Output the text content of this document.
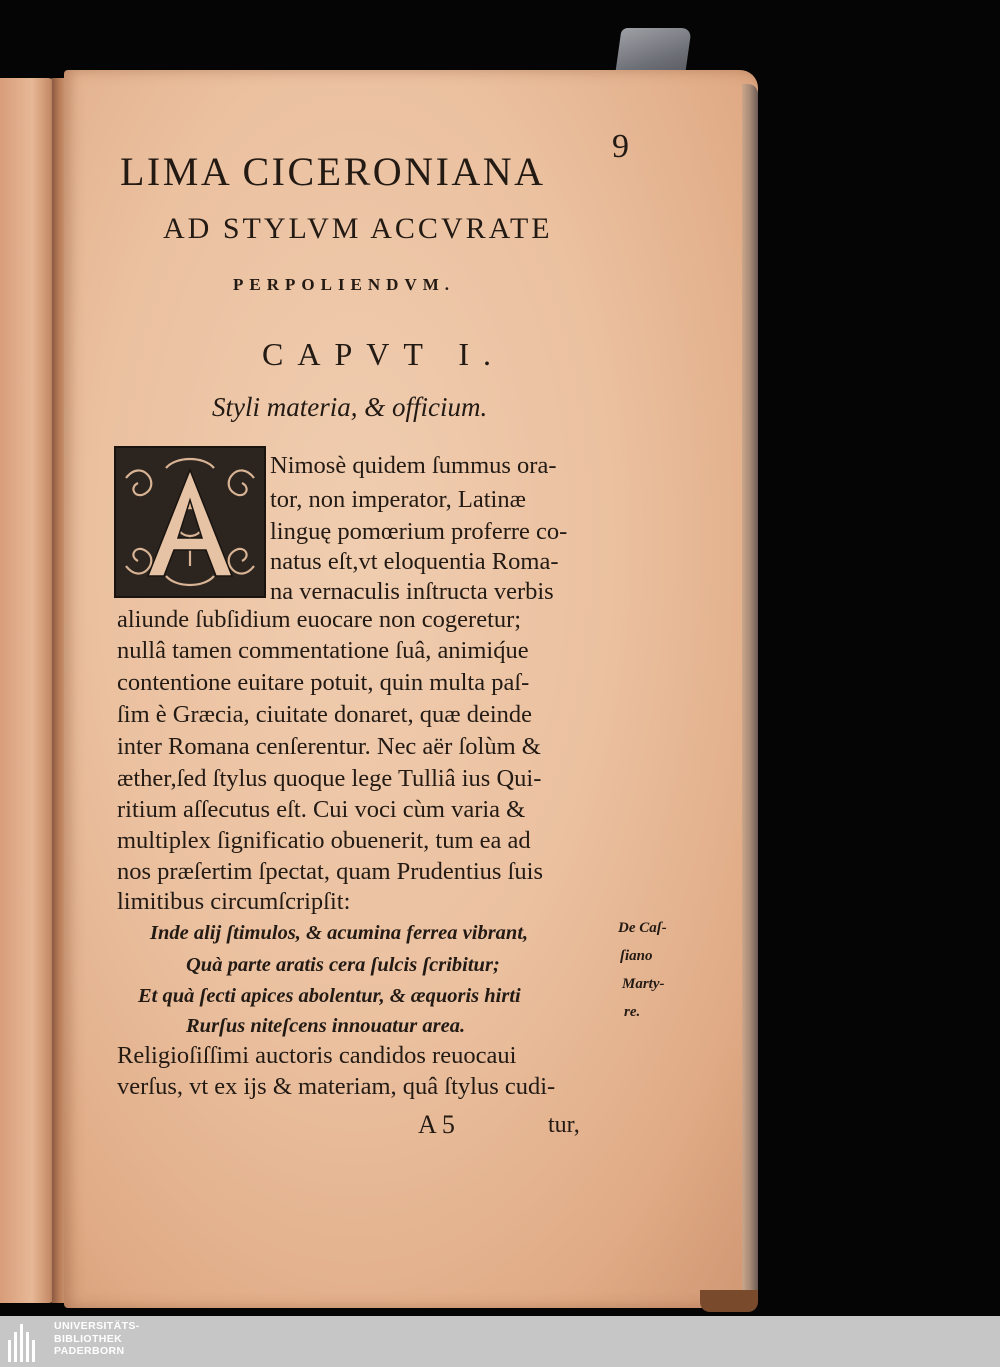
9
LIMA CICERONIANA
AD STYLVM ACCVRATE
PERPOLIENDVM.
CAPVT I.
Styli materia, & officium.
Nimosè quidem ſummus ora-
tor, non imperator, Latinæ
linguę pomœrium proferre co-
natus eſt,vt eloquentia Roma-
na vernaculis inſtructa verbis
aliunde ſubſidium euocare non cogeretur;
nullâ tamen commentatione ſuâ, animiq́ue
contentione euitare potuit, quin multa paſ-
ſim è Græcia, ciuitate donaret, quæ deinde
inter Romana cenſerentur. Nec aër ſolùm &
æther,ſed ſtylus quoque lege Tulliâ ius Qui-
ritium aſſecutus eſt. Cui voci cùm varia &
multiplex ſignificatio obuenerit, tum ea ad
nos præſertim ſpectat, quam Prudentius ſuis
limitibus circumſcripſit:
Inde alij ſtimulos, & acumina ferrea vibrant,
Quà parte aratis cera ſulcis ſcribitur;
Et quà ſecti apices abolentur, & æquoris hirti
Rurſus niteſcens innouatur area.
De Caſ-
ſiano
Marty-
re.
Religioſiſſimi auctoris candidos reuocaui
verſus, vt ex ijs & materiam, quâ ſtylus cudi-
A 5	tur,
UNIVERSITÄTS-
BIBLIOTHEK
PADERBORN
